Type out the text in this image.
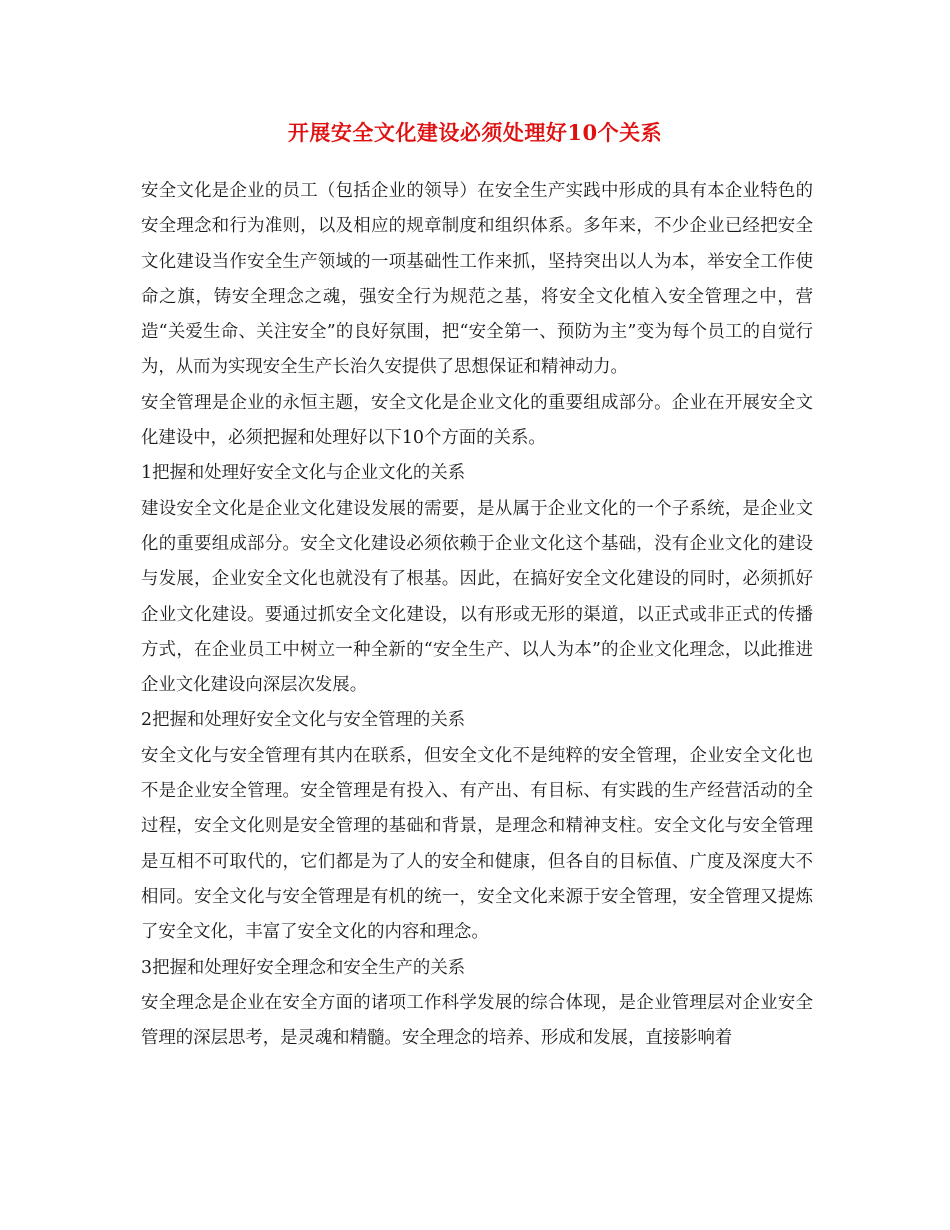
开展安全文化建设必须处理好10个关系

安全文化是企业的员工（包括企业的领导）在安全生产实践中形成的具有本企业特色的安全理念和行为准则，以及相应的规章制度和组织体系。多年来，不少企业已经把安全文化建设当作安全生产领域的一项基础性工作来抓，坚持突出以人为本，举安全工作使命之旗，铸安全理念之魂，强安全行为规范之基，将安全文化植入安全管理之中，营造“关爱生命、关注安全”的良好氛围，把“安全第一、预防为主”变为每个员工的自觉行为，从而为实现安全生产长治久安提供了思想保证和精神动力。

安全管理是企业的永恒主题，安全文化是企业文化的重要组成部分。企业在开展安全文化建设中，必须把握和处理好以下10个方面的关系。

1把握和处理好安全文化与企业文化的关系

建设安全文化是企业文化建设发展的需要，是从属于企业文化的一个子系统，是企业文化的重要组成部分。安全文化建设必须依赖于企业文化这个基础，没有企业文化的建设与发展，企业安全文化也就没有了根基。因此，在搞好安全文化建设的同时，必须抓好企业文化建设。要通过抓安全文化建设，以有形或无形的渠道，以正式或非正式的传播方式，在企业员工中树立一种全新的“安全生产、以人为本”的企业文化理念，以此推进企业文化建设向深层次发展。

2把握和处理好安全文化与安全管理的关系

安全文化与安全管理有其内在联系，但安全文化不是纯粹的安全管理，企业安全文化也不是企业安全管理。安全管理是有投入、有产出、有目标、有实践的生产经营活动的全过程，安全文化则是安全管理的基础和背景，是理念和精神支柱。安全文化与安全管理是互相不可取代的，它们都是为了人的安全和健康，但各自的目标值、广度及深度大不相同。安全文化与安全管理是有机的统一，安全文化来源于安全管理，安全管理又提炼了安全文化，丰富了安全文化的内容和理念。

3把握和处理好安全理念和安全生产的关系

安全理念是企业在安全方面的诸项工作科学发展的综合体现，是企业管理层对企业安全管理的深层思考，是灵魂和精髓。安全理念的培养、形成和发展，直接影响着
